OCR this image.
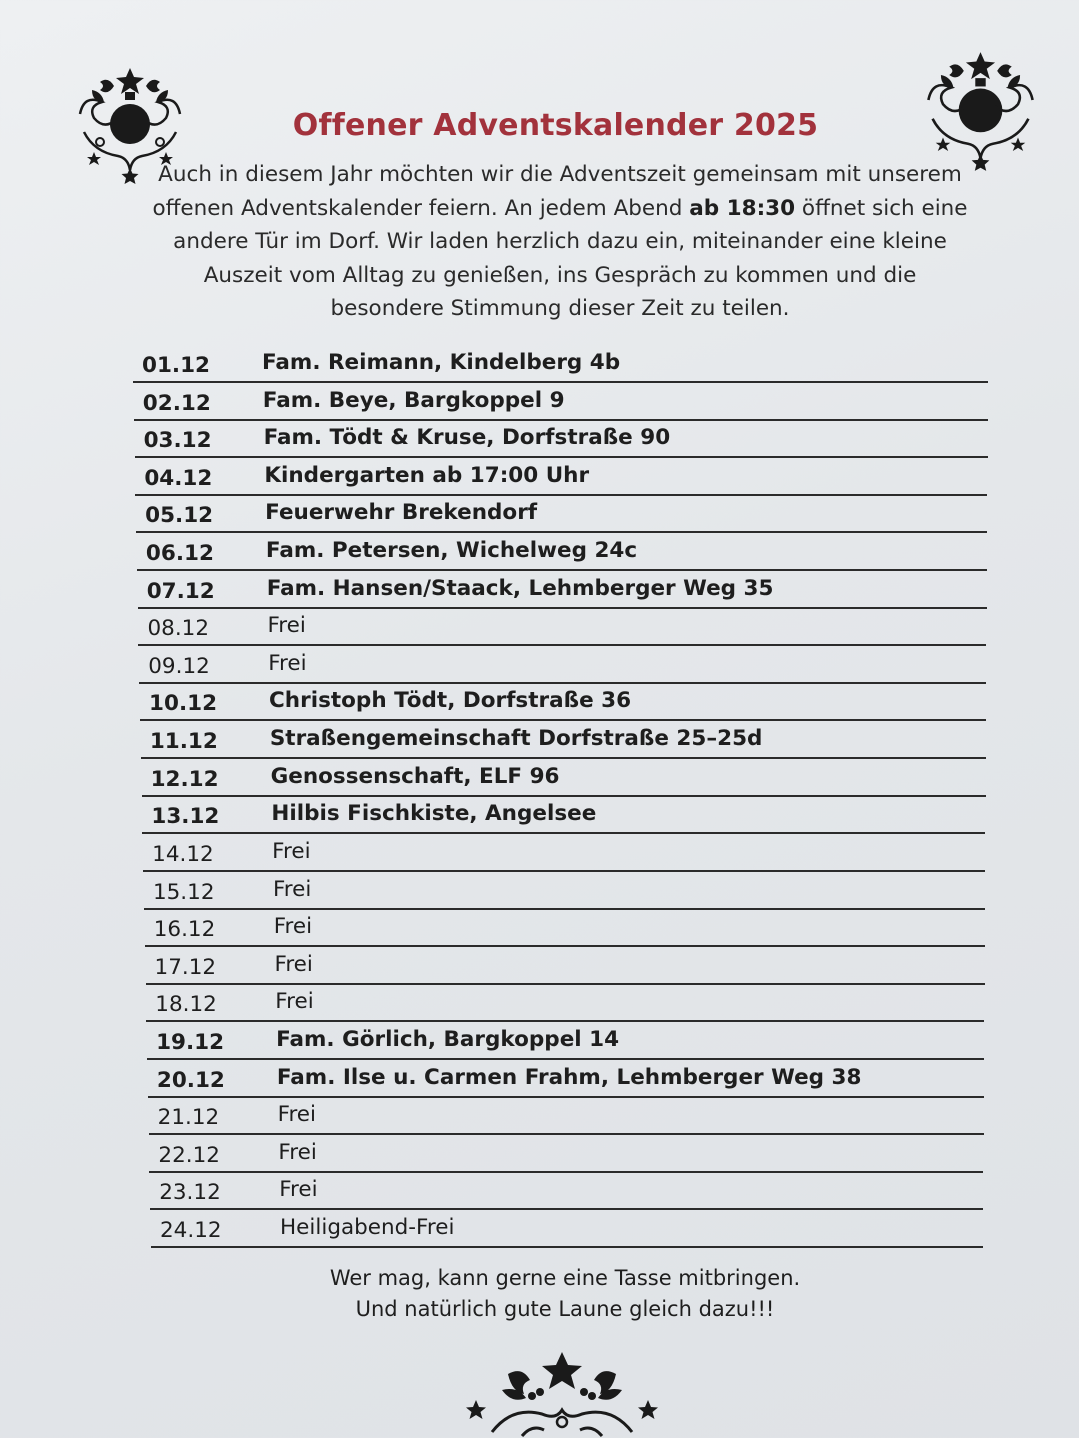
Offener Adventskalender 2025
Auch in diesem Jahr möchten wir die Adventszeit gemeinsam mit unserem offenen Adventskalender feiern. An jedem Abend ab 18:30 öffnet sich eine andere Tür im Dorf. Wir laden herzlich dazu ein, miteinander eine kleine Auszeit vom Alltag zu genießen, ins Gespräch zu kommen und die besondere Stimmung dieser Zeit zu teilen.
01.12 Fam. Reimann, Kindelberg 4b
02.12 Fam. Beye, Bargkoppel 9
03.12 Fam. Tödt & Kruse, Dorfstraße 90
04.12 Kindergarten ab 17:00 Uhr
05.12 Feuerwehr Brekendorf
06.12 Fam. Petersen, Wichelweg 24c
07.12 Fam. Hansen/Staack, Lehmberger Weg 35
08.12	Frei
09.12	Frei
10.12 Christoph Tödt, Dorfstraße 36
11.12 Straßengemeinschaft Dorfstraße 25–25d
12.12 Genossenschaft, ELF 96
13.12 Hilbis Fischkiste, Angelsee
14.12	Frei
15.12	Frei
16.12	Frei
17.12	Frei
18.12	Frei
19.12 Fam. Görlich, Bargkoppel 14
20.12 Fam. Ilse u. Carmen Frahm, Lehmberger Weg 38
21.12	Frei
22.12	Frei
23.12	Frei
24.12	Heiligabend-Frei
Wer mag, kann gerne eine Tasse mitbringen.
Und natürlich gute Laune gleich dazu!!!
